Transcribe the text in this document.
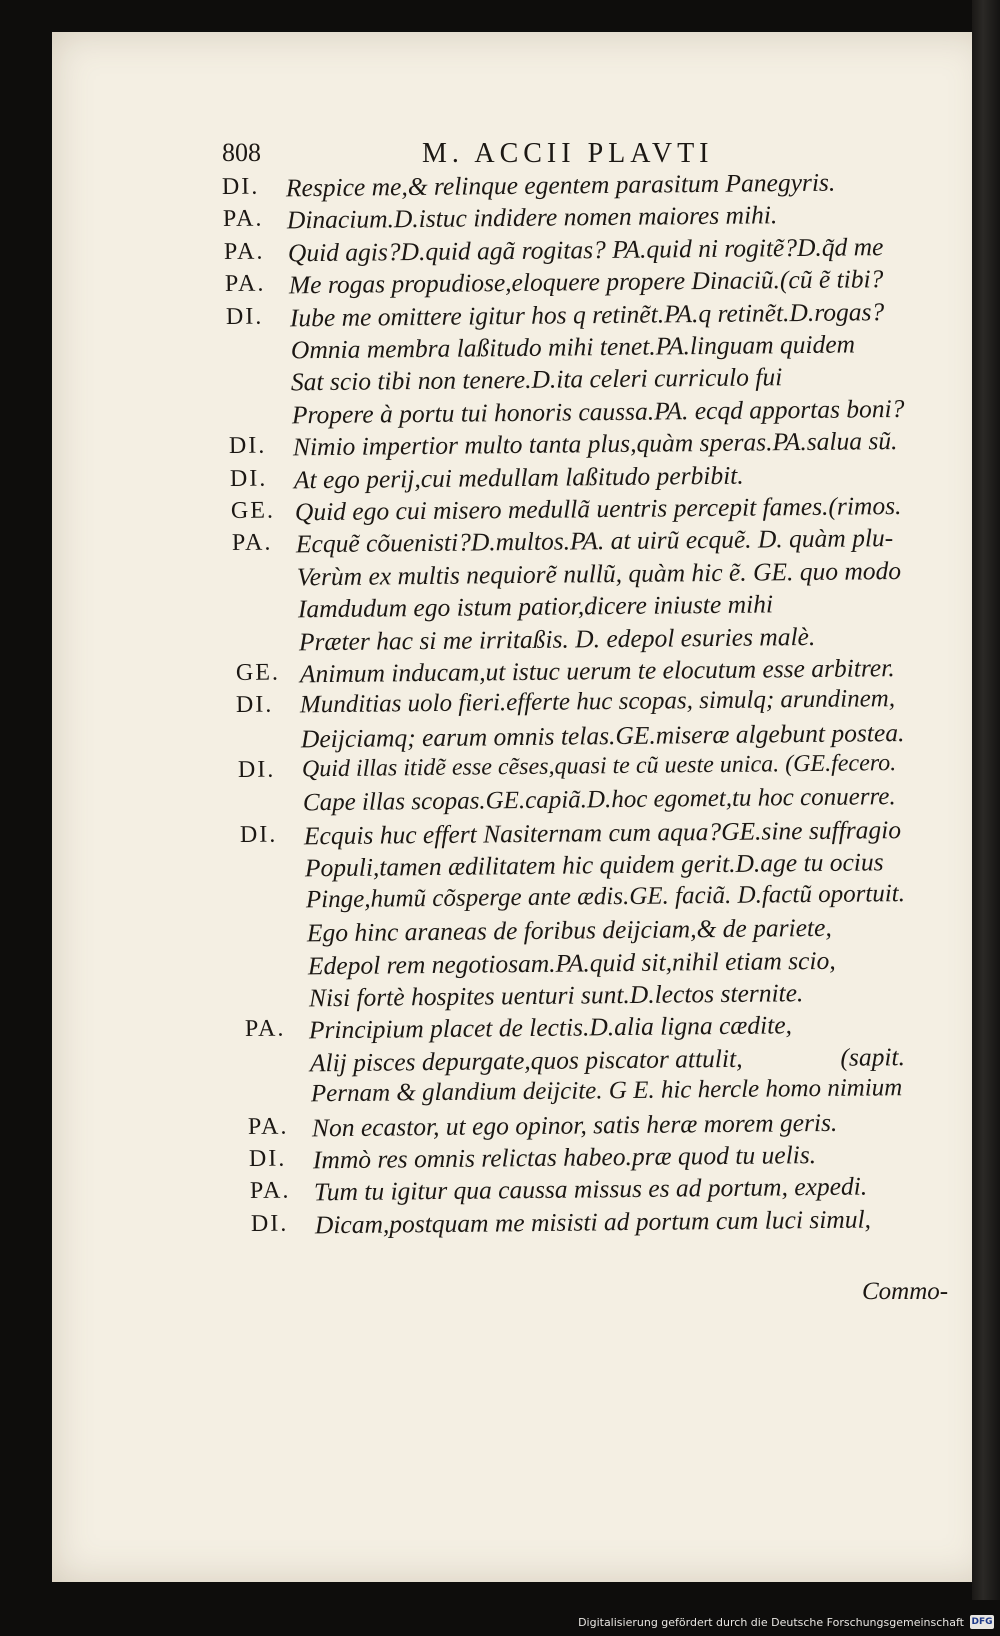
808	M. ACCII PLAVTI
DI. Respice me,& relinque egentem parasitum Panegyris.
PA. Dinacium.D.istuc indidere nomen maiores mihi.
PA. Quid agis?D.quid agã rogitas? PA.quid ni rogitẽ?D.q̃d me
PA. Me rogas propudiose,eloquere propere Dinaciũ.(cũ ẽ tibi?
DI. Iube me omittere igitur hos q retinẽt.PA.q retinẽt.D.rogas?
Omnia membra laßitudo mihi tenet.PA.linguam quidem
Sat scio tibi non tenere.D.ita celeri curriculo fui
Propere à portu tui honoris caussa.PA. ecqd apportas boni?
DI. Nimio impertior multo tanta plus,quàm speras.PA.salua sũ.
DI. At ego perij,cui medullam laßitudo perbibit.
GE. Quid ego cui misero medullã uentris percepit fames.(rimos.
PA. Ecquẽ cõuenisti?D.multos.PA. at uirũ ecquẽ. D. quàm plu-
Verùm ex multis nequiorẽ nullũ, quàm hic ẽ. GE. quo modo
Iamdudum ego istum patior,dicere iniuste mihi
Præter hac si me irritaßis. D. edepol esuries malè.
GE. Animum inducam,ut istuc uerum te elocutum esse arbitrer.
DI. Munditias uolo fieri.efferte huc scopas, simulq; arundinem,
Deijciamq; earum omnis telas.GE.miseræ algebunt postea.
DI. Quid illas itidẽ esse cẽses,quasi te cũ ueste unica. (GE.fecero.
Cape illas scopas.GE.capiã.D.hoc egomet,tu hoc conuerre.
DI. Ecquis huc effert Nasiternam cum aqua?GE.sine suffragio
Populi,tamen ædilitatem hic quidem gerit.D.age tu ocius
Pinge,humũ cõsperge ante ædis.GE. faciã. D.factũ oportuit.
Ego hinc araneas de foribus deijciam,& de pariete,
Edepol rem negotiosam.PA.quid sit,nihil etiam scio,
Nisi fortè hospites uenturi sunt.D.lectos sternite.
PA. Principium placet de lectis.D.alia ligna cædite,
Alij pisces depurgate,quos piscator attulit,	(sapit.
Pernam & glandium deijcite. G E. hic hercle homo nimium
PA. Non ecastor, ut ego opinor, satis heræ morem geris.
DI. Immò res omnis relictas habeo.præ quod tu uelis.
PA. Tum tu igitur qua caussa missus es ad portum, expedi.
DI. Dicam,postquam me misisti ad portum cum luci simul,
Commo-
Digitalisierung gefördert durch die Deutsche Forschungsgemeinschaft DFG
